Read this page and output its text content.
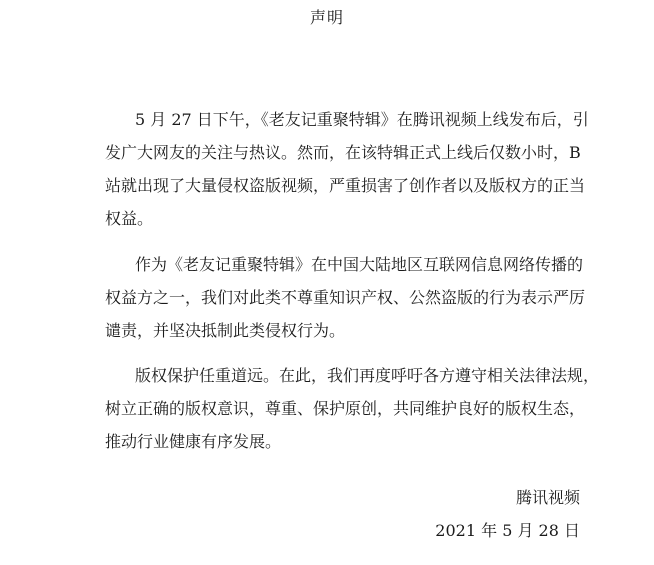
声明
5 月 27 日下午，《老友记重聚特辑》在腾讯视频上线发布后，引
发广大网友的关注与热议。然而，在该特辑正式上线后仅数小时，B
站就出现了大量侵权盗版视频，严重损害了创作者以及版权方的正当
权益。
作为《老友记重聚特辑》在中国大陆地区互联网信息网络传播的
权益方之一，我们对此类不尊重知识产权、公然盗版的行为表示严厉
谴责，并坚决抵制此类侵权行为。
版权保护任重道远。在此，我们再度呼吁各方遵守相关法律法规，
树立正确的版权意识，尊重、保护原创，共同维护良好的版权生态，
推动行业健康有序发展。
腾讯视频
2021 年 5 月 28 日
